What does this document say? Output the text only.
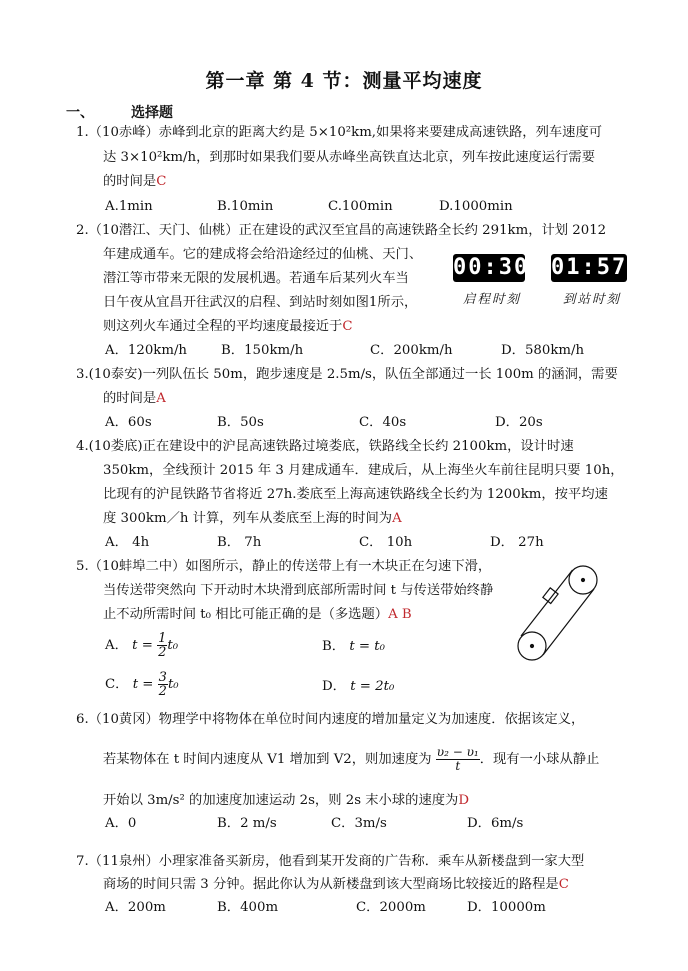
第一章 第 4 节：测量平均速度
一、	选择题
1.（10赤峰）赤峰到北京的距离大约是 5×10²km,如果将来要建成高速铁路，列车速度可
达 3×10²km/h，到那时如果我们要从赤峰坐高铁直达北京，列车按此速度运行需要
的时间是C
A.1min	B.10min	C.100min	D.1000min
2.（10潜江、天门、仙桃）正在建设的武汉至宜昌的高速铁路全长约 291km，计划 2012
年建成通车。它的建成将会给沿途经过的仙桃、天门、
潜江等市带来无限的发展机遇。若通车后某列火车当
日午夜从宜昌开往武汉的启程、到站时刻如图1所示，
则这列火车通过全程的平均速度最接近于C
00:30 01:57
启程时刻	到站时刻
A．120km/h	B．150km/h	C．200km/h	D．580km/h
3.(10泰安)一列队伍长 50m，跑步速度是 2.5m/s，队伍全部通过一长 100m 的涵洞，需要
的时间是A
A．60s	B．50s	C．40s	D．20s
4.(10娄底)正在建设中的沪昆高速铁路过境娄底，铁路线全长约 2100km，设计时速
350km，全线预计 2015 年 3 月建成通车．建成后，从上海坐火车前往昆明只要 10h，
比现有的沪昆铁路节省将近 27h.娄底至上海高速铁路线全长约为 1200km，按平均速
度 300km／h 计算，列车从娄底至上海的时间为A
A． 4h	B． 7h	C． 10h	D． 27h
5.（10蚌埠二中）如图所示，静止的传送带上有一木块正在匀速下滑，
当传送带突然向 下开动时木块滑到底部所需时间 t 与传送带始终静
止不动所需时间 t₀ 相比可能正确的是（多选题）A B
A． $t = \frac{1}{2} t_0$	B． t = t₀
C． $t = \frac{3}{2} t_0$	D． t = 2t₀
6.（10黄冈）物理学中将物体在单位时间内速度的增加量定义为加速度．依据该定义，
若某物体在 t 时间内速度从 V1 增加到 V2，则加速度为 $\frac{\text{υ₂ − υ₁}}{t}$ ．现有一小球从静止
开始以 3m/s² 的加速度加速运动 2s，则 2s 末小球的速度为D
A．0	B．2 m/s	C．3m/s	D．6m/s
7.（11泉州）小理家准备买新房，他看到某开发商的广告称．乘车从新楼盘到一家大型
商场的时间只需 3 分钟。据此你认为从新楼盘到该大型商场比较接近的路程是C
A．200m	B．400m	C．2000m	D．10000m
